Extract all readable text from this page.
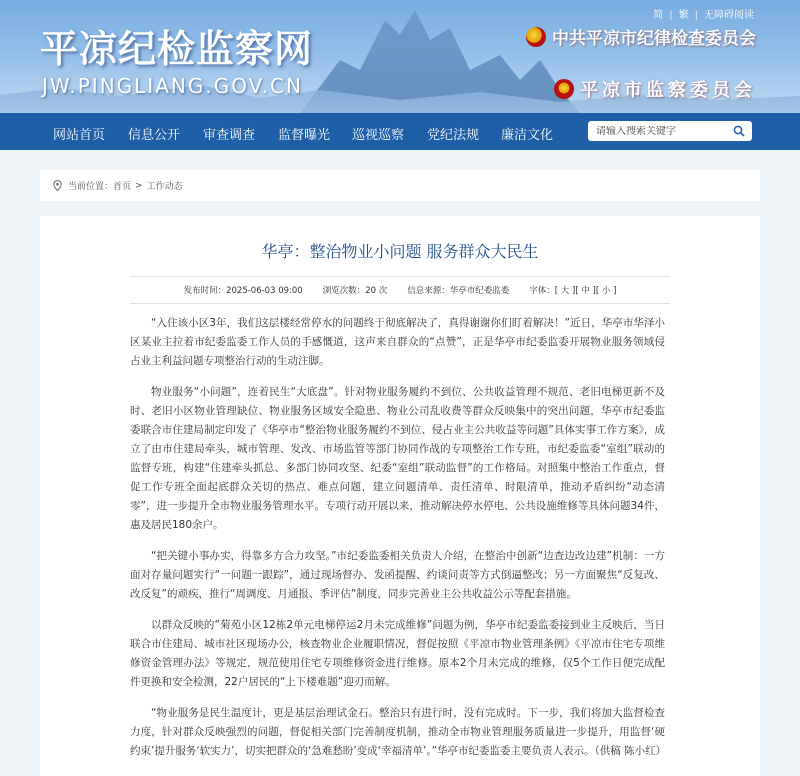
平凉纪检监察网
JW.PINGLIANG.GOV.CN
简 | 繁 | 无障碍阅读
中共平凉市纪律检查委员会
平凉市监察委员会
网站首页 信息公开 审查调查 监督曝光 巡视巡察 党纪法规 廉洁文化
请输入搜索关键字
当前位置： 首页 > 工作动态
华亭：整治物业小问题 服务群众大民生
发布时间：2025-06-03 09:00 浏览次数：20 次 信息来源：华亭市纪委监委 字体：[ 大 ][ 中 ][ 小 ]

“入住该小区3年，我们这层楼经常停水的问题终于彻底解决了，真得谢谢你们盯着解决！”近日，华亭市华泽小区某业主拉着市纪委监委工作人员的手感慨道，这声来自群众的“点赞”，正是华亭市纪委监委开展物业服务领域侵占业主利益问题专项整治行动的生动注脚。

物业服务“小问题”，连着民生“大底盘”。针对物业服务履约不到位、公共收益管理不规范、老旧电梯更新不及时、老旧小区物业管理缺位、物业服务区域安全隐患、物业公司乱收费等群众反映集中的突出问题，华亭市纪委监委联合市住建局制定印发了《华亭市“整治物业服务履约不到位、侵占业主公共收益等问题”具体实事工作方案》，成立了由市住建局牵头，城市管理、发改、市场监管等部门协同作战的专项整治工作专班，市纪委监委“室组”联动的监督专班，构建“住建牵头抓总、多部门协同攻坚、纪委“室组”联动监督”的工作格局。对照集中整治工作重点，督促工作专班全面起底群众关切的热点、难点问题，建立问题清单、责任清单、时限清单，推动矛盾纠纷“动态清零”，进一步提升全市物业服务管理水平。专项行动开展以来，推动解决停水停电、公共设施维修等具体问题34件，惠及居民180余户。

“把关键小事办实，得靠多方合力攻坚。”市纪委监委相关负责人介绍，在整治中创新“边查边改边建”机制：一方面对存量问题实行“一问题一跟踪”，通过现场督办、发函提醒、约谈问责等方式倒逼整改；另一方面聚焦“反复改、改反复”的顽疾，推行“周调度、月通报、季评估”制度，同步完善业主公共收益公示等配套措施。

以群众反映的“菊苑小区12栋2单元电梯停运2月未完成维修”问题为例，华亭市纪委监委接到业主反映后，当日联合市住建局、城市社区现场办公，核查物业企业履职情况，督促按照《平凉市物业管理条例》《平凉市住宅专项维修资金管理办法》等规定，规范使用住宅专项维修资金进行维修。原本2个月未完成的维修，仅5个工作日便完成配件更换和安全检测，22户居民的“上下楼难题”迎刃而解。

“物业服务是民生温度计，更是基层治理试金石。整治只有进行时，没有完成时。下一步，我们将加大监督检查力度，针对群众反映强烈的问题，督促相关部门完善制度机制，推动全市物业管理服务质量进一步提升，用监督‘硬约束’提升服务‘软实力’，切实把群众的‘急难愁盼’变成‘幸福清单’。”华亭市纪委监委主要负责人表示。（供稿 陈小红）
